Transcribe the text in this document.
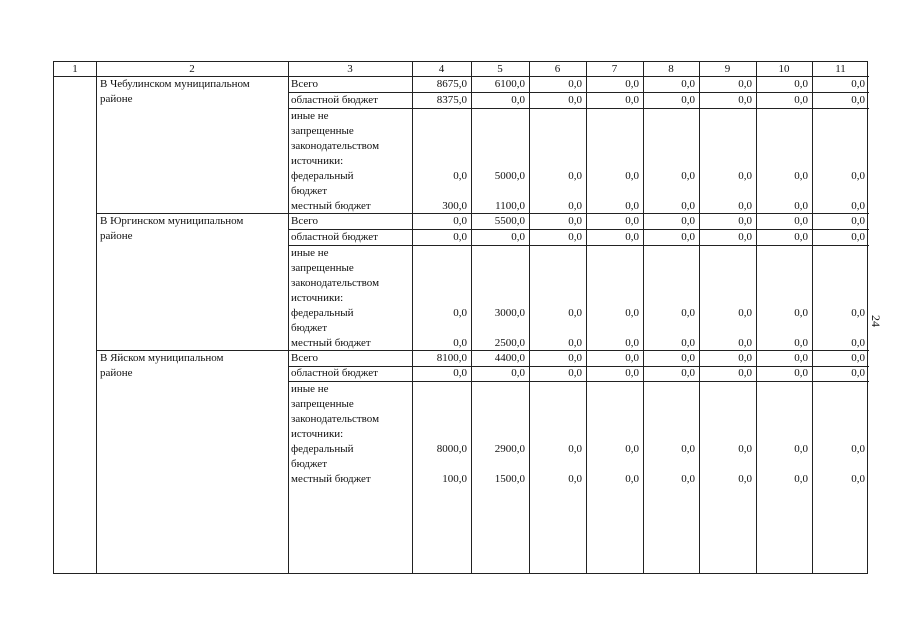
1	2	3	4	5	6	7	8	9	10	11
В Чебулинском муниципальном
районе
Всего	8675,0	6100,0	0,0	0,0	0,0	0,0	0,0	0,0
областной бюджет	8375,0	0,0	0,0	0,0	0,0	0,0	0,0	0,0
иные не
запрещенные
законодательством
источники:
федеральный
бюджет
0,0	5000,0	0,0	0,0	0,0	0,0	0,0	0,0
местный бюджет	300,0	1100,0	0,0	0,0	0,0	0,0	0,0	0,0
В Юргинском муниципальном
районе
Всего	0,0	5500,0	0,0	0,0	0,0	0,0	0,0	0,0
областной бюджет	0,0	0,0	0,0	0,0	0,0	0,0	0,0	0,0
иные не
запрещенные
законодательством
источники:
федеральный
бюджет
0,0	3000,0	0,0	0,0	0,0	0,0	0,0	0,0
местный бюджет	0,0	2500,0	0,0	0,0	0,0	0,0	0,0	0,0
В Яйском муниципальном
районе
Всего	8100,0	4400,0	0,0	0,0	0,0	0,0	0,0	0,0
областной бюджет	0,0	0,0	0,0	0,0	0,0	0,0	0,0	0,0
иные не
запрещенные
законодательством
источники:
федеральный
бюджет
8000,0	2900,0	0,0	0,0	0,0	0,0	0,0	0,0
местный бюджет	100,0	1500,0	0,0	0,0	0,0	0,0	0,0	0,0
24
